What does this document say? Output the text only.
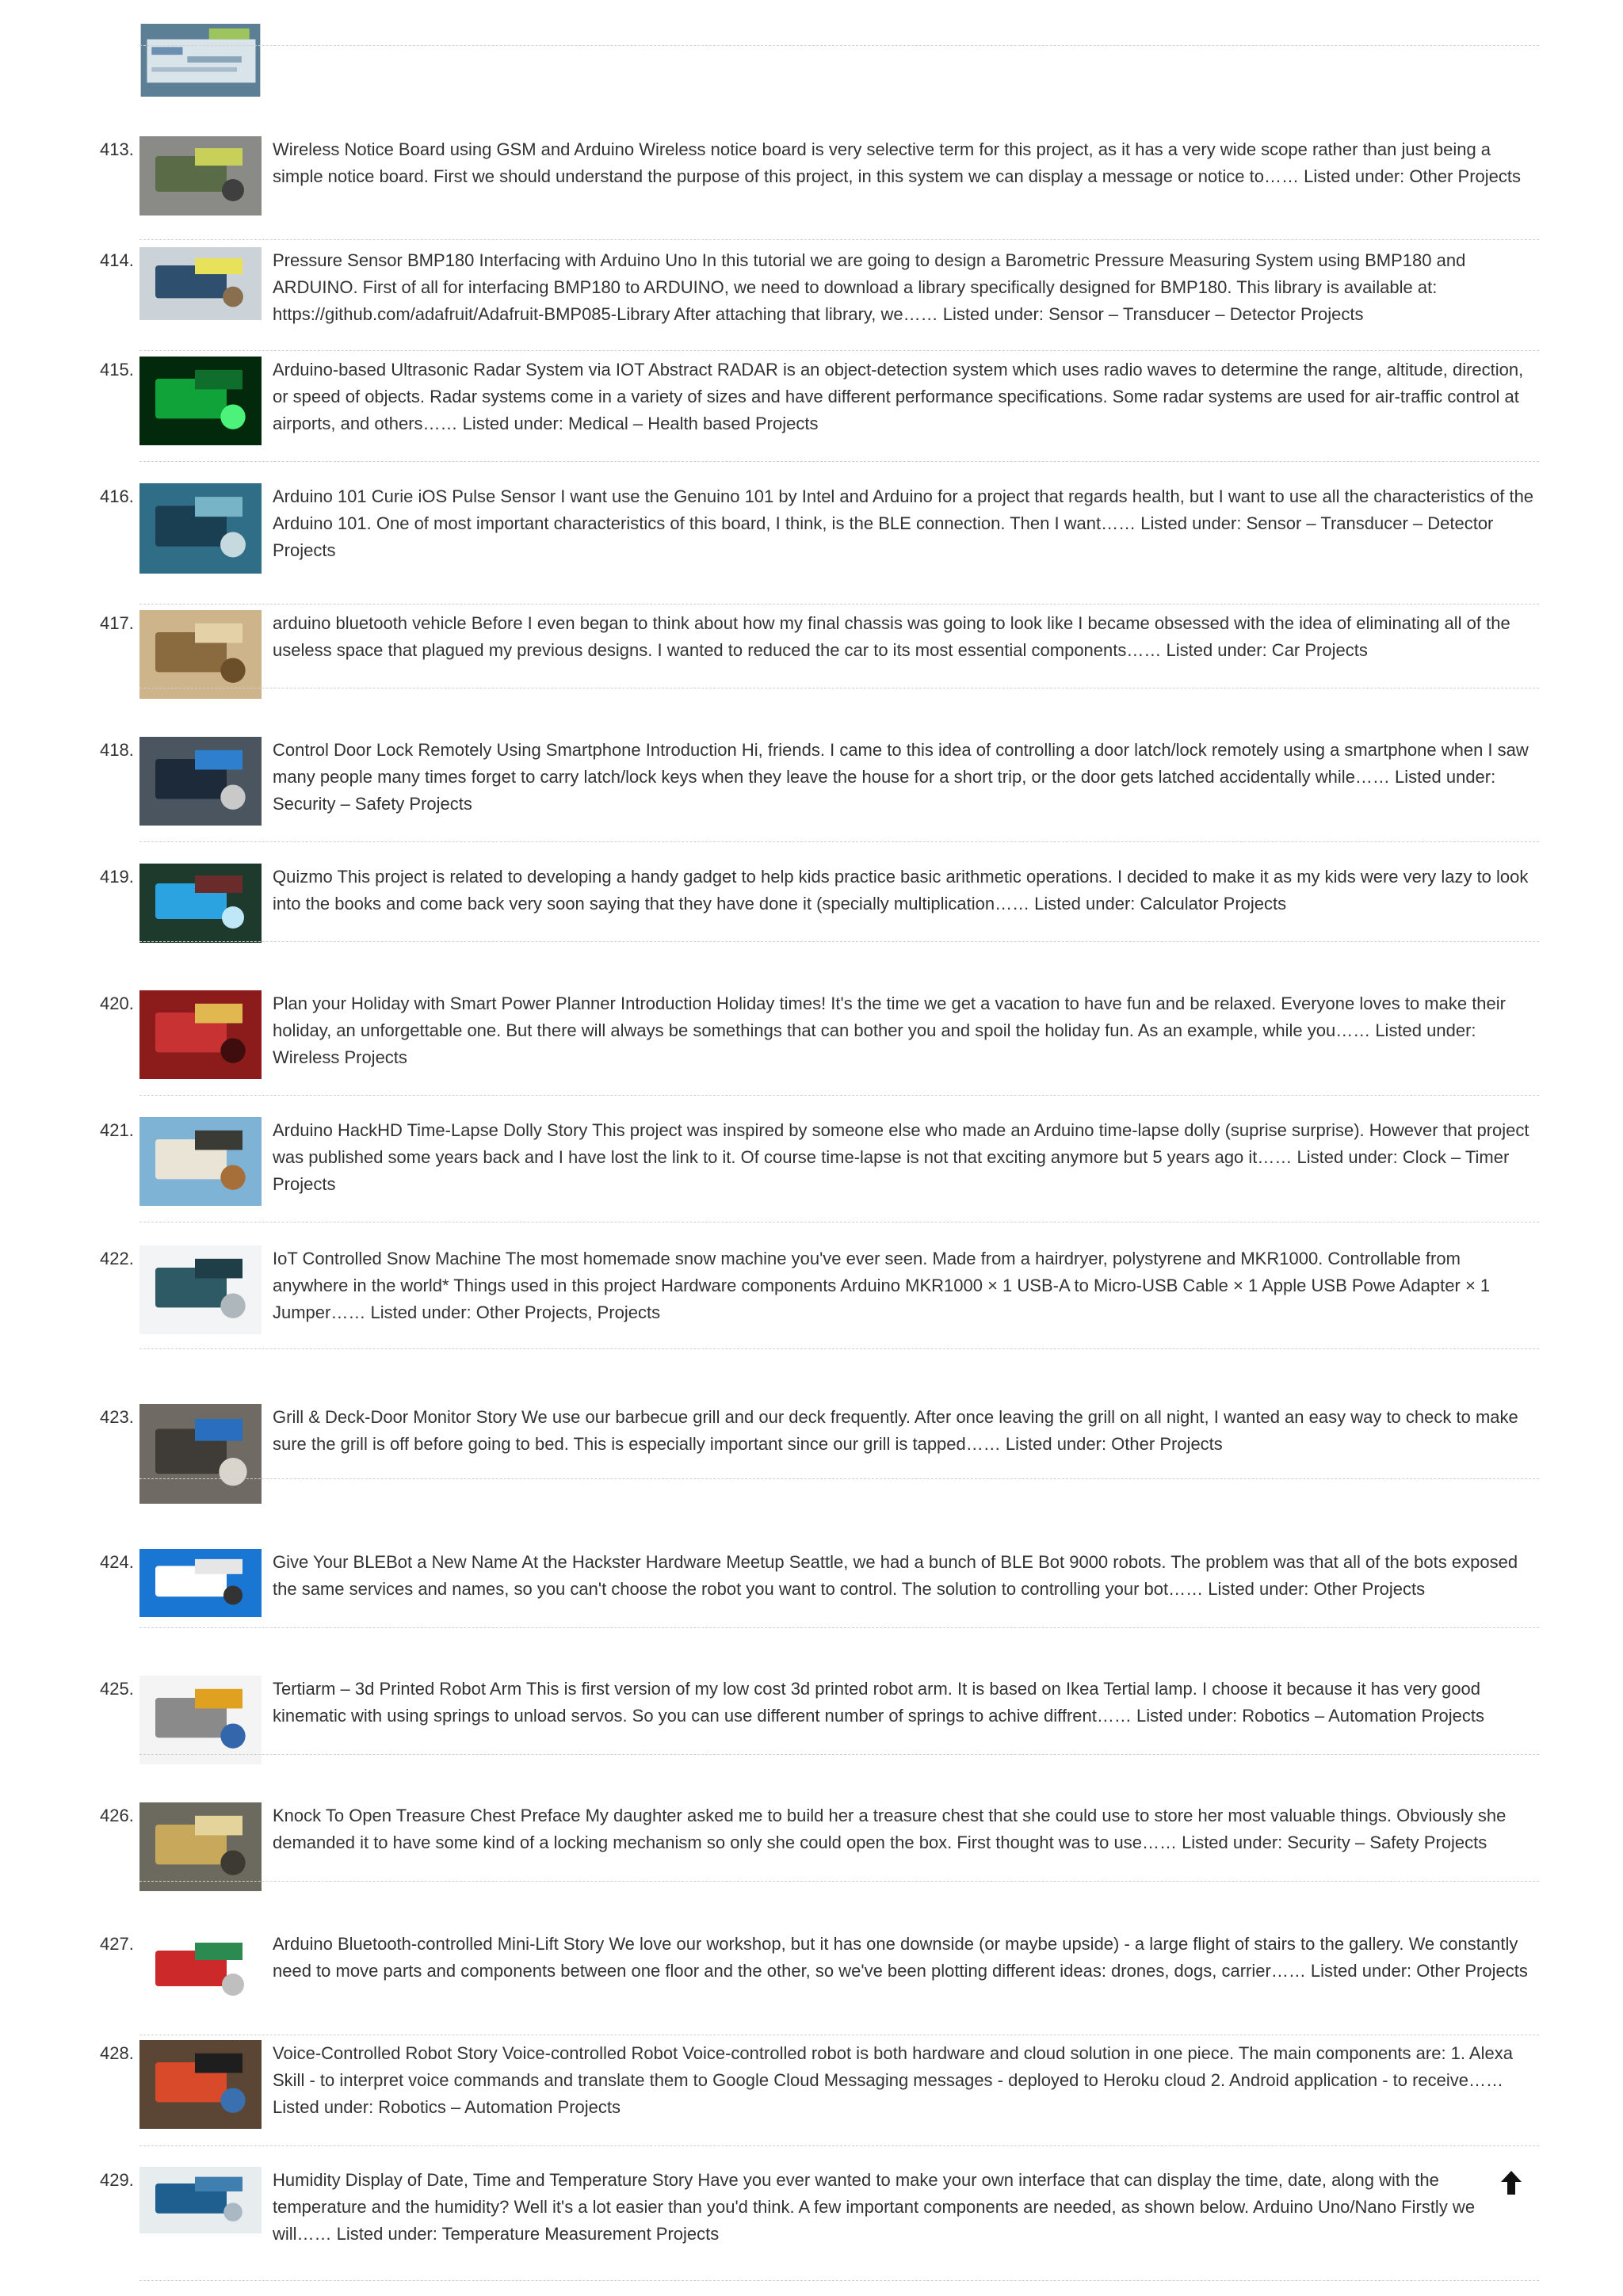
413.	Wireless Notice Board using GSM and Arduino Wireless notice board is very selective term for this project, as it has a very wide scope rather than just being a simple notice board. First we should understand the purpose of this project, in this system we can display a message or notice to…… Listed under: Other Projects
414.	Pressure Sensor BMP180 Interfacing with Arduino Uno In this tutorial we are going to design a Barometric Pressure Measuring System using BMP180 and ARDUINO. First of all for interfacing BMP180 to ARDUINO, we need to download a library specifically designed for BMP180. This library is available at: https://github.com/adafruit/Adafruit-BMP085-Library After attaching that library, we…… Listed under: Sensor – Transducer – Detector Projects
415.	Arduino-based Ultrasonic Radar System via IOT Abstract RADAR is an object-detection system which uses radio waves to determine the range, altitude, direction, or speed of objects. Radar systems come in a variety of sizes and have different performance specifications. Some radar systems are used for air-traffic control at airports, and others…… Listed under: Medical – Health based Projects
416.	Arduino 101 Curie iOS Pulse Sensor I want use the Genuino 101 by Intel and Arduino for a project that regards health, but I want to use all the characteristics of the Arduino 101. One of most important characteristics of this board, I think, is the BLE connection. Then I want…… Listed under: Sensor – Transducer – Detector Projects
417.	arduino bluetooth vehicle Before I even began to think about how my final chassis was going to look like I became obsessed with the idea of eliminating all of the useless space that plagued my previous designs. I wanted to reduced the car to its most essential components…… Listed under: Car Projects
418.	Control Door Lock Remotely Using Smartphone Introduction Hi, friends. I came to this idea of controlling a door latch/lock remotely using a smartphone when I saw many people many times forget to carry latch/lock keys when they leave the house for a short trip, or the door gets latched accidentally while…… Listed under: Security – Safety Projects
419.	Quizmo This project is related to developing a handy gadget to help kids practice basic arithmetic operations. I decided to make it as my kids were very lazy to look into the books and come back very soon saying that they have done it (specially multiplication…… Listed under: Calculator Projects
420.	Plan your Holiday with Smart Power Planner Introduction Holiday times! It's the time we get a vacation to have fun and be relaxed. Everyone loves to make their holiday, an unforgettable one. But there will always be somethings that can bother you and spoil the holiday fun. As an example, while you…… Listed under: Wireless Projects
421.	Arduino HackHD Time-Lapse Dolly Story This project was inspired by someone else who made an Arduino time-lapse dolly (suprise surprise). However that project was published some years back and I have lost the link to it. Of course time-lapse is not that exciting anymore but 5 years ago it…… Listed under: Clock – Timer Projects
422.	IoT Controlled Snow Machine The most homemade snow machine you've ever seen. Made from a hairdryer, polystyrene and MKR1000. Controllable from anywhere in the world* Things used in this project Hardware components Arduino MKR1000 × 1 USB-A to Micro-USB Cable × 1 Apple USB Powe Adapter × 1 Jumper…… Listed under: Other Projects, Projects
423.	Grill & Deck-Door Monitor Story We use our barbecue grill and our deck frequently. After once leaving the grill on all night, I wanted an easy way to check to make sure the grill is off before going to bed. This is especially important since our grill is tapped…… Listed under: Other Projects
424.	Give Your BLEBot a New Name At the Hackster Hardware Meetup Seattle, we had a bunch of BLE Bot 9000 robots. The problem was that all of the bots exposed the same services and names, so you can't choose the robot you want to control. The solution to controlling your bot…… Listed under: Other Projects
425.	Tertiarm – 3d Printed Robot Arm This is first version of my low cost 3d printed robot arm. It is based on Ikea Tertial lamp. I choose it because it has very good kinematic with using springs to unload servos. So you can use different number of springs to achive diffrent…… Listed under: Robotics – Automation Projects
426.	Knock To Open Treasure Chest Preface My daughter asked me to build her a treasure chest that she could use to store her most valuable things. Obviously she demanded it to have some kind of a locking mechanism so only she could open the box. First thought was to use…… Listed under: Security – Safety Projects
427.	Arduino Bluetooth-controlled Mini-Lift Story We love our workshop, but it has one downside (or maybe upside) - a large flight of stairs to the gallery. We constantly need to move parts and components between one floor and the other, so we've been plotting different ideas: drones, dogs, carrier…… Listed under: Other Projects
428.	Voice-Controlled Robot Story Voice-controlled Robot Voice-controlled robot is both hardware and cloud solution in one piece. The main components are: 1. Alexa Skill - to interpret voice commands and translate them to Google Cloud Messaging messages - deployed to Heroku cloud 2. Android application - to receive…… Listed under: Robotics – Automation Projects
429.	Humidity Display of Date, Time and Temperature Story Have you ever wanted to make your own interface that can display the time, date, along with the temperature and the humidity? Well it's a lot easier than you'd think. A few important components are needed, as shown below. Arduino Uno/Nano Firstly we will…… Listed under: Temperature Measurement Projects
